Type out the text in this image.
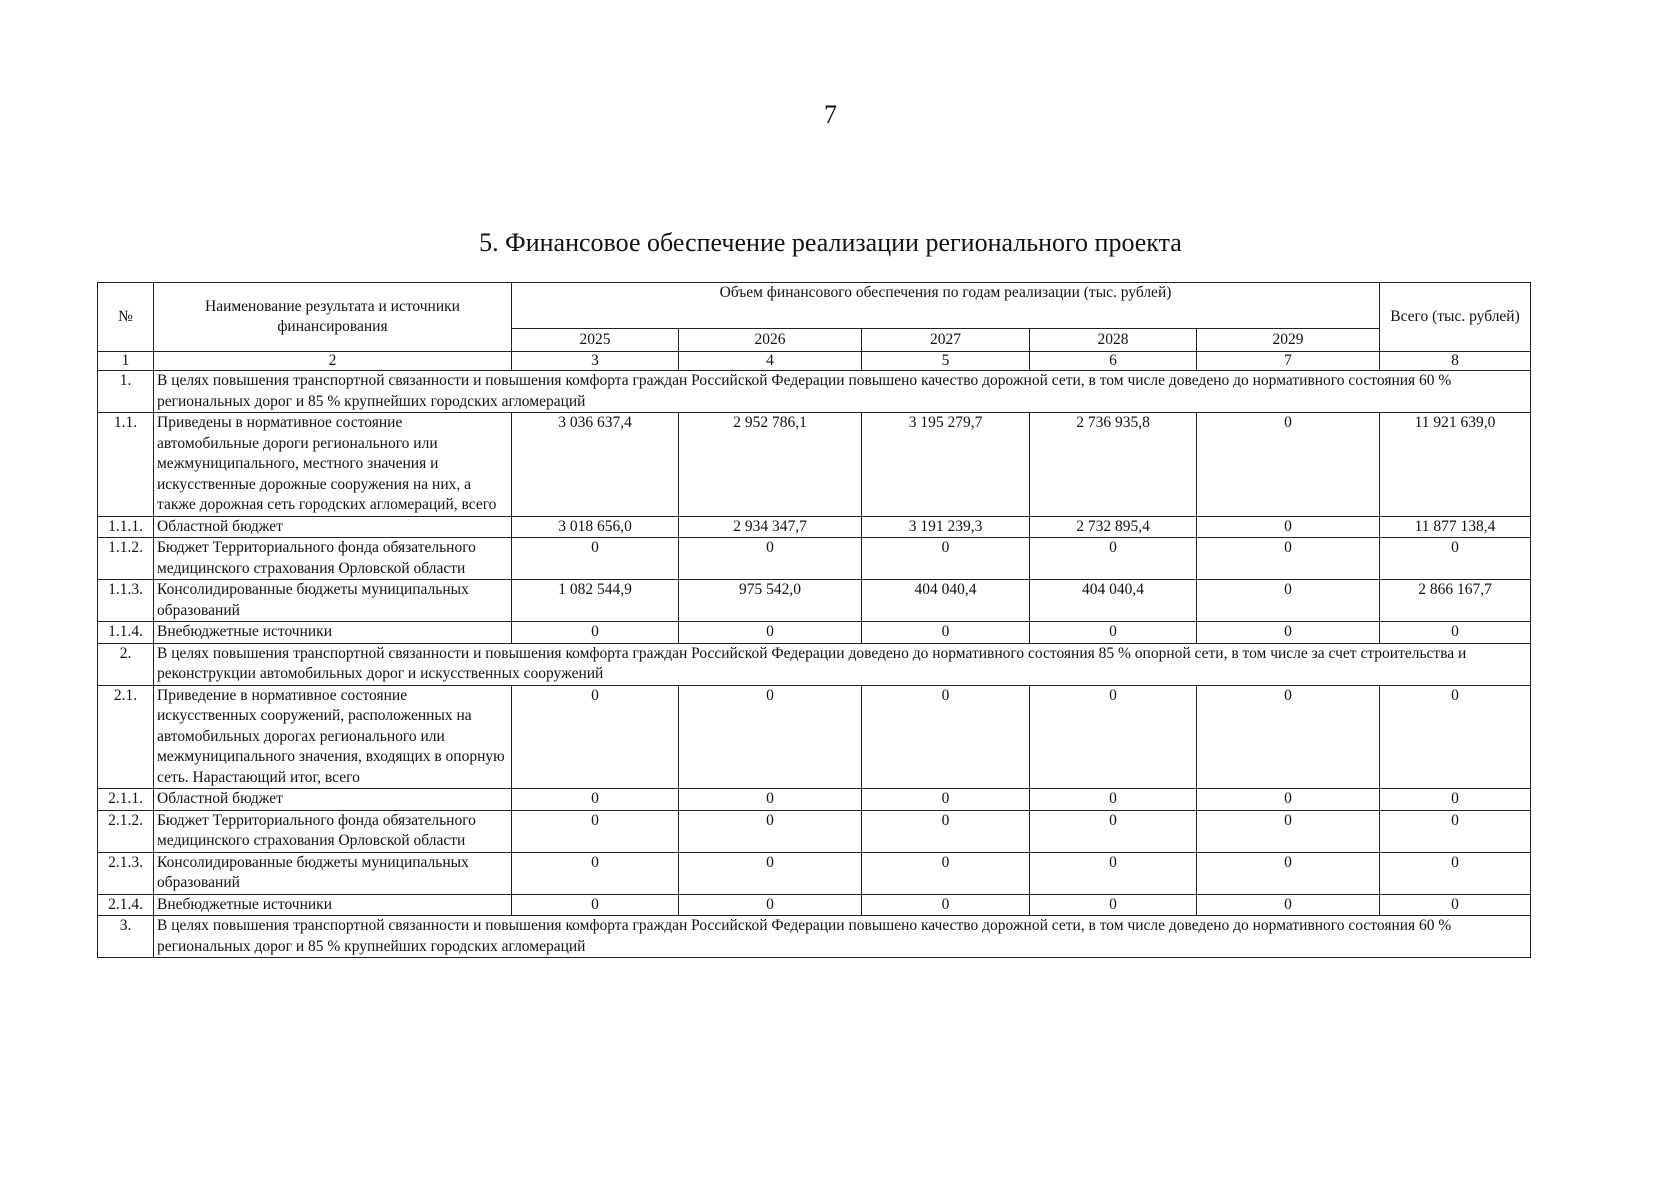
7
5. Финансовое обеспечение реализации регионального проекта
№	Наименование результата и источники финансирования	Объем финансового обеспечения по годам реализации (тыс. рублей)					Всего (тыс. рублей)
		2025	2026	2027	2028	2029	
1	2	3	4	5	6	7	8
1.	В целях повышения транспортной связанности и повышения комфорта граждан Российской Федерации повышено качество дорожной сети, в том числе доведено до нормативного состояния 60 % региональных дорог и 85 % крупнейших городских агломераций						
1.1.	Приведены в нормативное состояние автомобильные дороги регионального или межмуниципального, местного значения и искусственные дорожные сооружения на них, а также дорожная сеть городских агломераций, всего	3 036 637,4	2 952 786,1	3 195 279,7	2 736 935,8	0	11 921 639,0
1.1.1.	Областной бюджет	3 018 656,0	2 934 347,7	3 191 239,3	2 732 895,4	0	11 877 138,4
1.1.2.	Бюджет Территориального фонда обязательного медицинского страхования Орловской области	0	0	0	0	0	0
1.1.3.	Консолидированные бюджеты муниципальных образований	1 082 544,9	975 542,0	404 040,4	404 040,4	0	2 866 167,7
1.1.4.	Внебюджетные источники	0	0	0	0	0	0
2.	В целях повышения транспортной связанности и повышения комфорта граждан Российской Федерации доведено до нормативного состояния 85 % опорной сети, в том числе за счет строительства и реконструкции автомобильных дорог и искусственных сооружений						
2.1.	Приведение в нормативное состояние искусственных сооружений, расположенных на автомобильных дорогах регионального или межмуниципального значения, входящих в опорную сеть. Нарастающий итог, всего	0	0	0	0	0	0
2.1.1.	Областной бюджет	0	0	0	0	0	0
2.1.2.	Бюджет Территориального фонда обязательного медицинского страхования Орловской области	0	0	0	0	0	0
2.1.3.	Консолидированные бюджеты муниципальных образований	0	0	0	0	0	0
2.1.4.	Внебюджетные источники	0	0	0	0	0	0
3.	В целях повышения транспортной связанности и повышения комфорта граждан Российской Федерации повышено качество дорожной сети, в том числе доведено до нормативного состояния 60 % региональных дорог и 85 % крупнейших городских агломераций						
